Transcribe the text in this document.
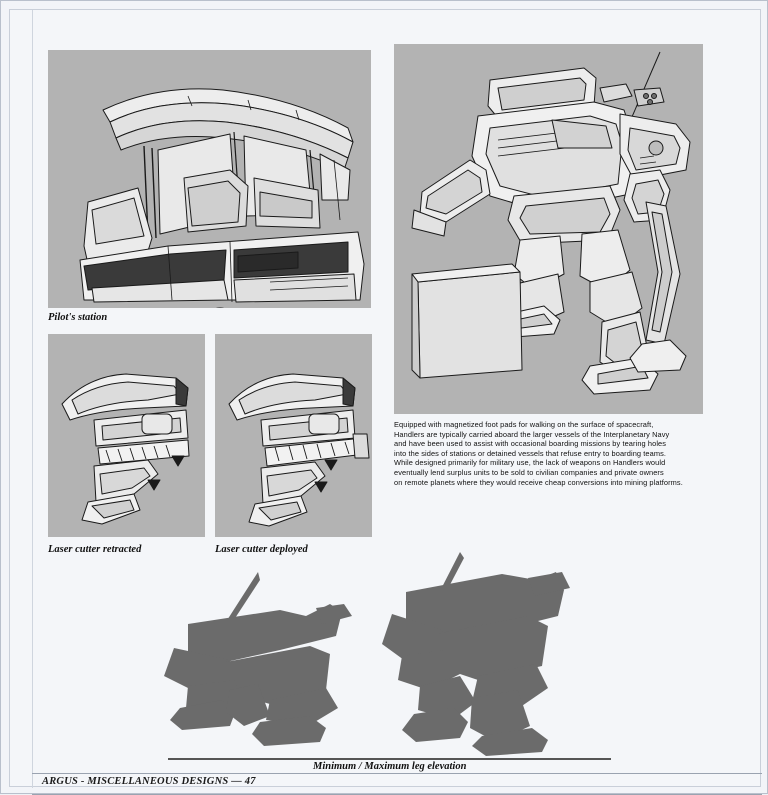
Pilot's station
Laser cutter retracted	Laser cutter deployed
Equipped with magnetized foot pads for walking on the surface of spacecraft,
Handlers are typically carried aboard the larger vessels of the Interplanetary Navy
and have been used to assist with occasional boarding missions by tearing holes
into the sides of stations or detained vessels that refuse entry to boarding teams.
While designed primarily for military use, the lack of weapons on Handlers would
eventually lend surplus units to be sold to civilian companies and private owners
on remote planets where they would receive cheap conversions into mining platforms.
Minimum / Maximum leg elevation
ARGUS - MISCELLANEOUS DESIGNS — 47
